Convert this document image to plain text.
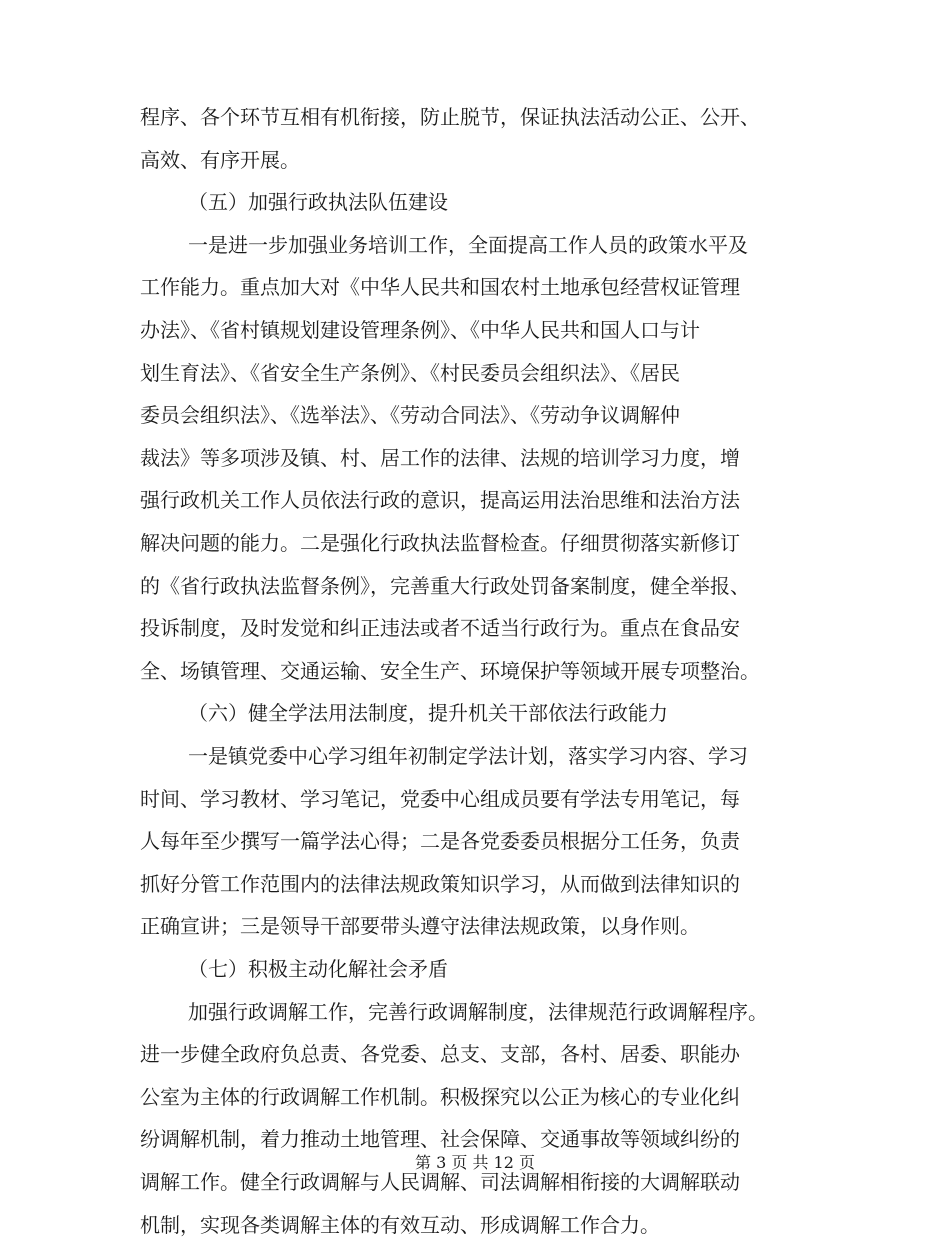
程序、各个环节互相有机衔接，防止脱节，保证执法活动公正、公开、
高效、有序开展。
（五）加强行政执法队伍建设
一是进一步加强业务培训工作，全面提高工作人员的政策水平及
工作能力。重点加大对《中华人民共和国农村土地承包经营权证管理
办法》、《省村镇规划建设管理条例》、《中华人民共和国人口与计
划生育法》、《省安全生产条例》、《村民委员会组织法》、《居民
委员会组织法》、《选举法》、《劳动合同法》、《劳动争议调解仲
裁法》等多项涉及镇、村、居工作的法律、法规的培训学习力度，增
强行政机关工作人员依法行政的意识，提高运用法治思维和法治方法
解决问题的能力。二是强化行政执法监督检查。仔细贯彻落实新修订
的《省行政执法监督条例》，完善重大行政处罚备案制度，健全举报、
投诉制度，及时发觉和纠正违法或者不适当行政行为。重点在食品安
全、场镇管理、交通运输、安全生产、环境保护等领域开展专项整治。
（六）健全学法用法制度，提升机关干部依法行政能力
一是镇党委中心学习组年初制定学法计划，落实学习内容、学习
时间、学习教材、学习笔记，党委中心组成员要有学法专用笔记，每
人每年至少撰写一篇学法心得；二是各党委委员根据分工任务，负责
抓好分管工作范围内的法律法规政策知识学习，从而做到法律知识的
正确宣讲；三是领导干部要带头遵守法律法规政策，以身作则。
（七）积极主动化解社会矛盾
加强行政调解工作，完善行政调解制度，法律规范行政调解程序。
进一步健全政府负总责、各党委、总支、支部，各村、居委、职能办
公室为主体的行政调解工作机制。积极探究以公正为核心的专业化纠
纷调解机制，着力推动土地管理、社会保障、交通事故等领域纠纷的
调解工作。健全行政调解与人民调解、司法调解相衔接的大调解联动
机制，实现各类调解主体的有效互动、形成调解工作合力。
第 3 页 共 12 页
